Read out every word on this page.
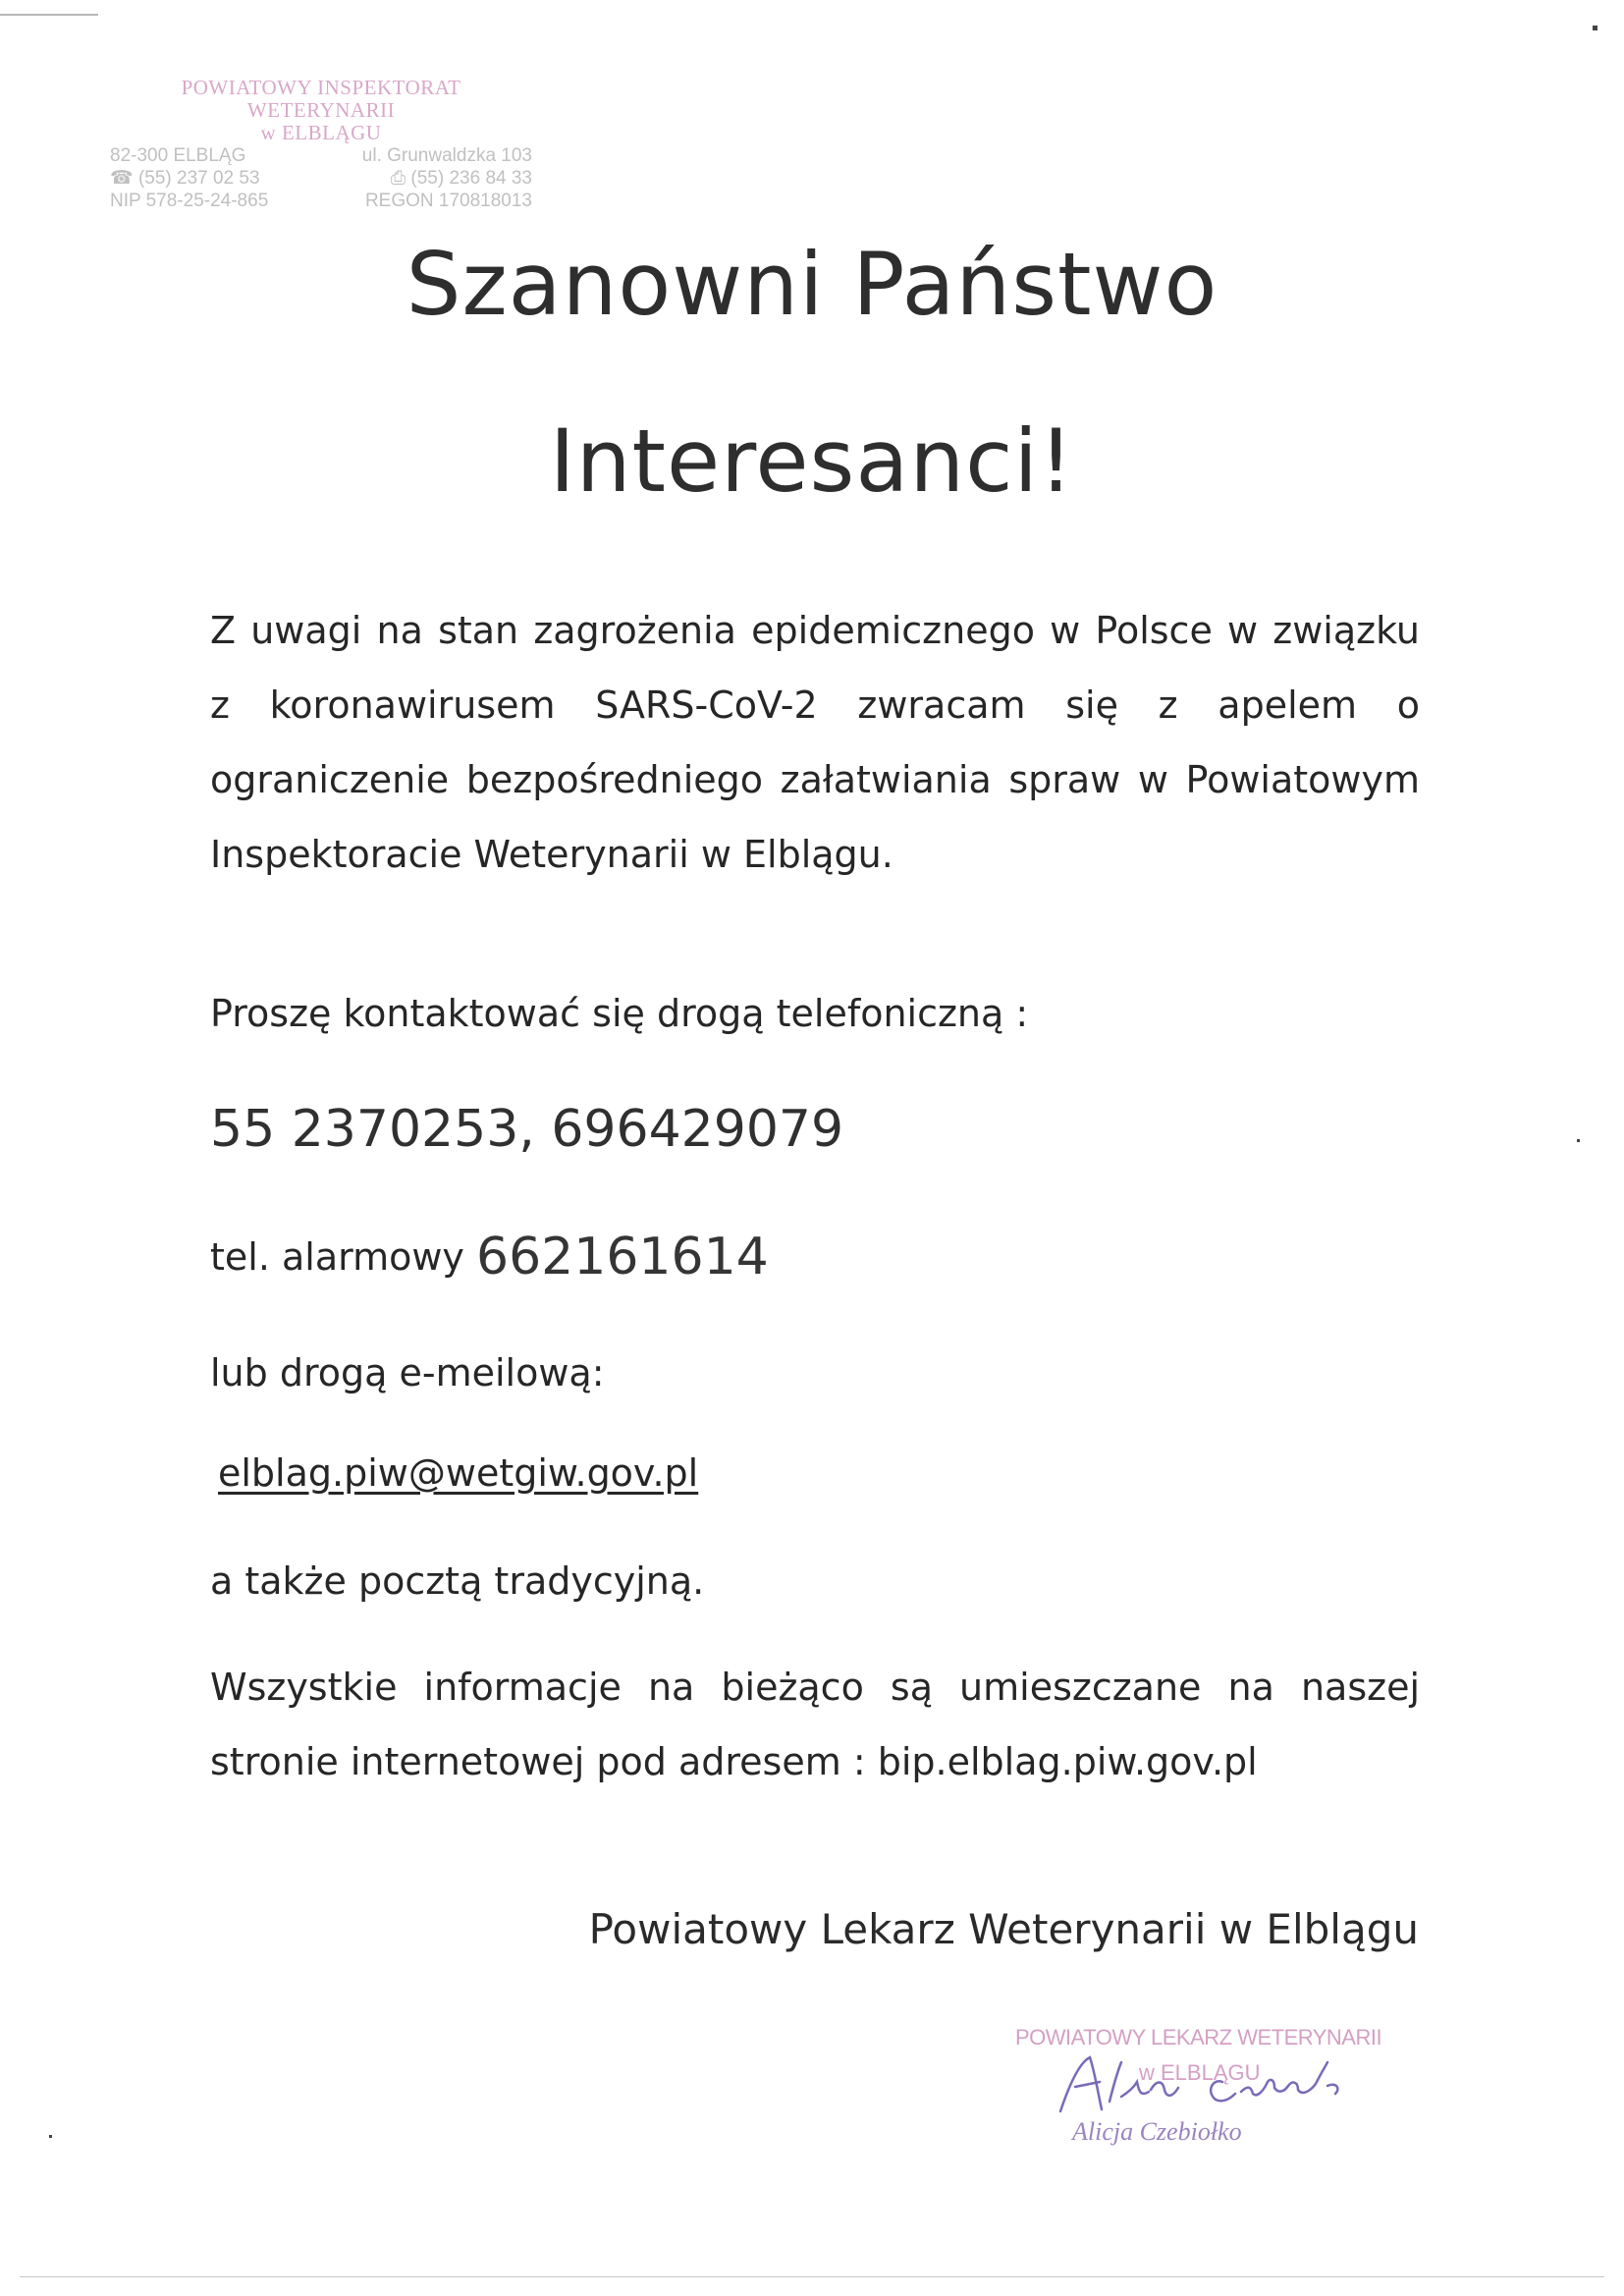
POWIATOWY INSPEKTORAT WETERYNARII
w ELBLĄGU
82-300 ELBLĄG	ul. Grunwaldzka 103
☎ (55) 237 02 53	⎙ (55) 236 84 33
NIP 578-25-24-865	REGON 170818013
Szanowni Państwo
Interesanci!

Z uwagi na stan zagrożenia epidemicznego w Polsce w związku z koronawirusem SARS-CoV-2 zwracam się z apelem o ograniczenie bezpośredniego załatwiania spraw w Powiatowym Inspektoracie Weterynarii w Elblągu.

Proszę kontaktować się drogą telefoniczną :

55 2370253, 696429079

tel. alarmowy 662161614

lub drogą e-meilową:

elblag.piw@wetgiw.gov.pl

a także pocztą tradycyjną.

Wszystkie informacje na bieżąco są umieszczane na naszej stronie internetowej pod adresem : bip.elblag.piw.gov.pl

Powiatowy Lekarz Weterynarii w Elblągu

POWIATOWY LEKARZ WETERYNARII
w ELBLĄGU
Alicja Czebiołko
